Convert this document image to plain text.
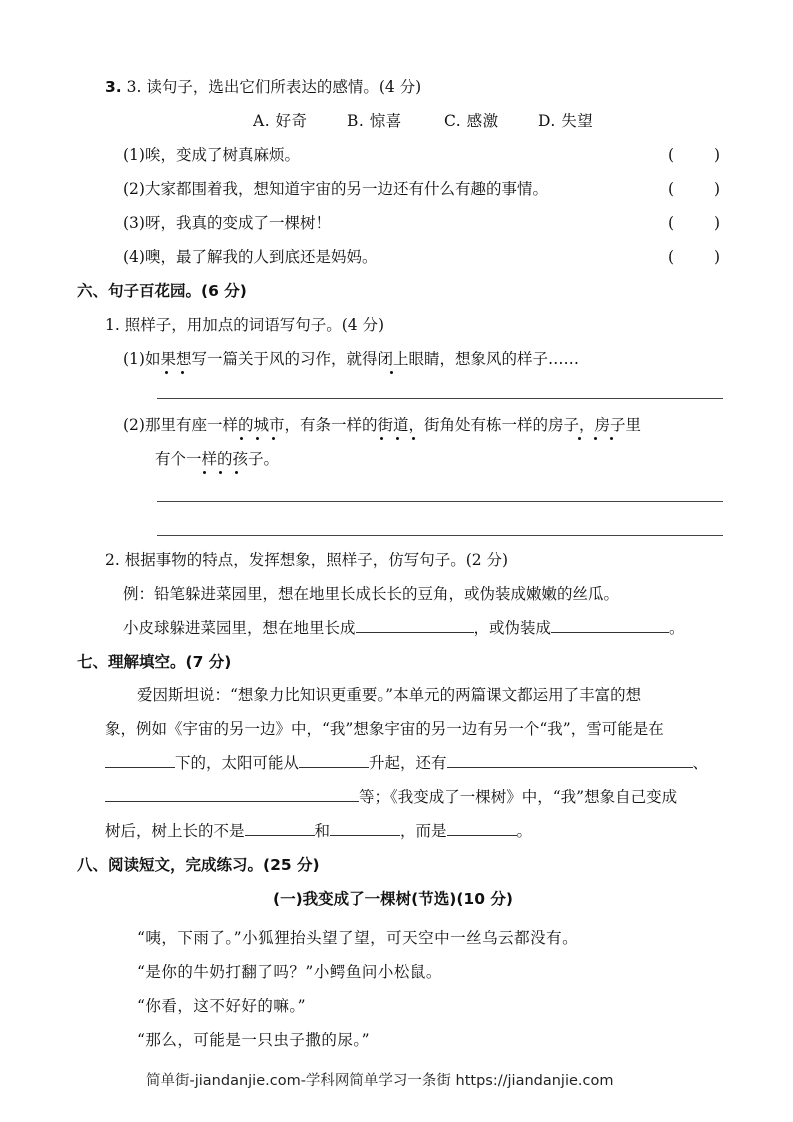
3. 3. 读句子，选出它们所表达的感情。(4 分)
A. 好奇	B. 惊喜	C. 感激	D. 失望
(1)唉，变成了树真麻烦。	(	)
(2)大家都围着我，想知道宇宙的另一边还有什么有趣的事情。	(	)
(3)呀，我真的变成了一棵树！	(	)
(4)噢，最了解我的人到底还是妈妈。	(	)
六、句子百花园。(6 分)
1. 照样子，用加点的词语写句子。(4 分)
(1)如果想写一篇关于风的习作，就得闭上眼睛，想象风的样子……
(2)那里有座一样的城市，有条一样的街道，街角处有栋一样的房子，房子里
有个一样的孩子。
2. 根据事物的特点，发挥想象，照样子，仿写句子。(2 分)
例：铅笔躲进菜园里，想在地里长成长长的豆角，或伪装成嫩嫩的丝瓜。
小皮球躲进菜园里，想在地里长成	，或伪装成	。
七、理解填空。(7 分)
爱因斯坦说：“想象力比知识更重要。”本单元的两篇课文都运用了丰富的想
象，例如《宇宙的另一边》中，“我”想象宇宙的另一边有另一个“我”，雪可能是在
下的，太阳可能从	升起，还有	、
等；《我变成了一棵树》中，“我”想象自己变成
树后，树上长的不是	和	，而是	。
八、阅读短文，完成练习。(25 分)
(一)我变成了一棵树(节选)(10 分)
“咦，下雨了。”小狐狸抬头望了望，可天空中一丝乌云都没有。
“是你的牛奶打翻了吗？”小鳄鱼问小松鼠。
“你看，这不好好的嘛。”
“那么，可能是一只虫子撒的尿。”
简单街-jiandanjie.com-学科网简单学习一条街 https://jiandanjie.com
